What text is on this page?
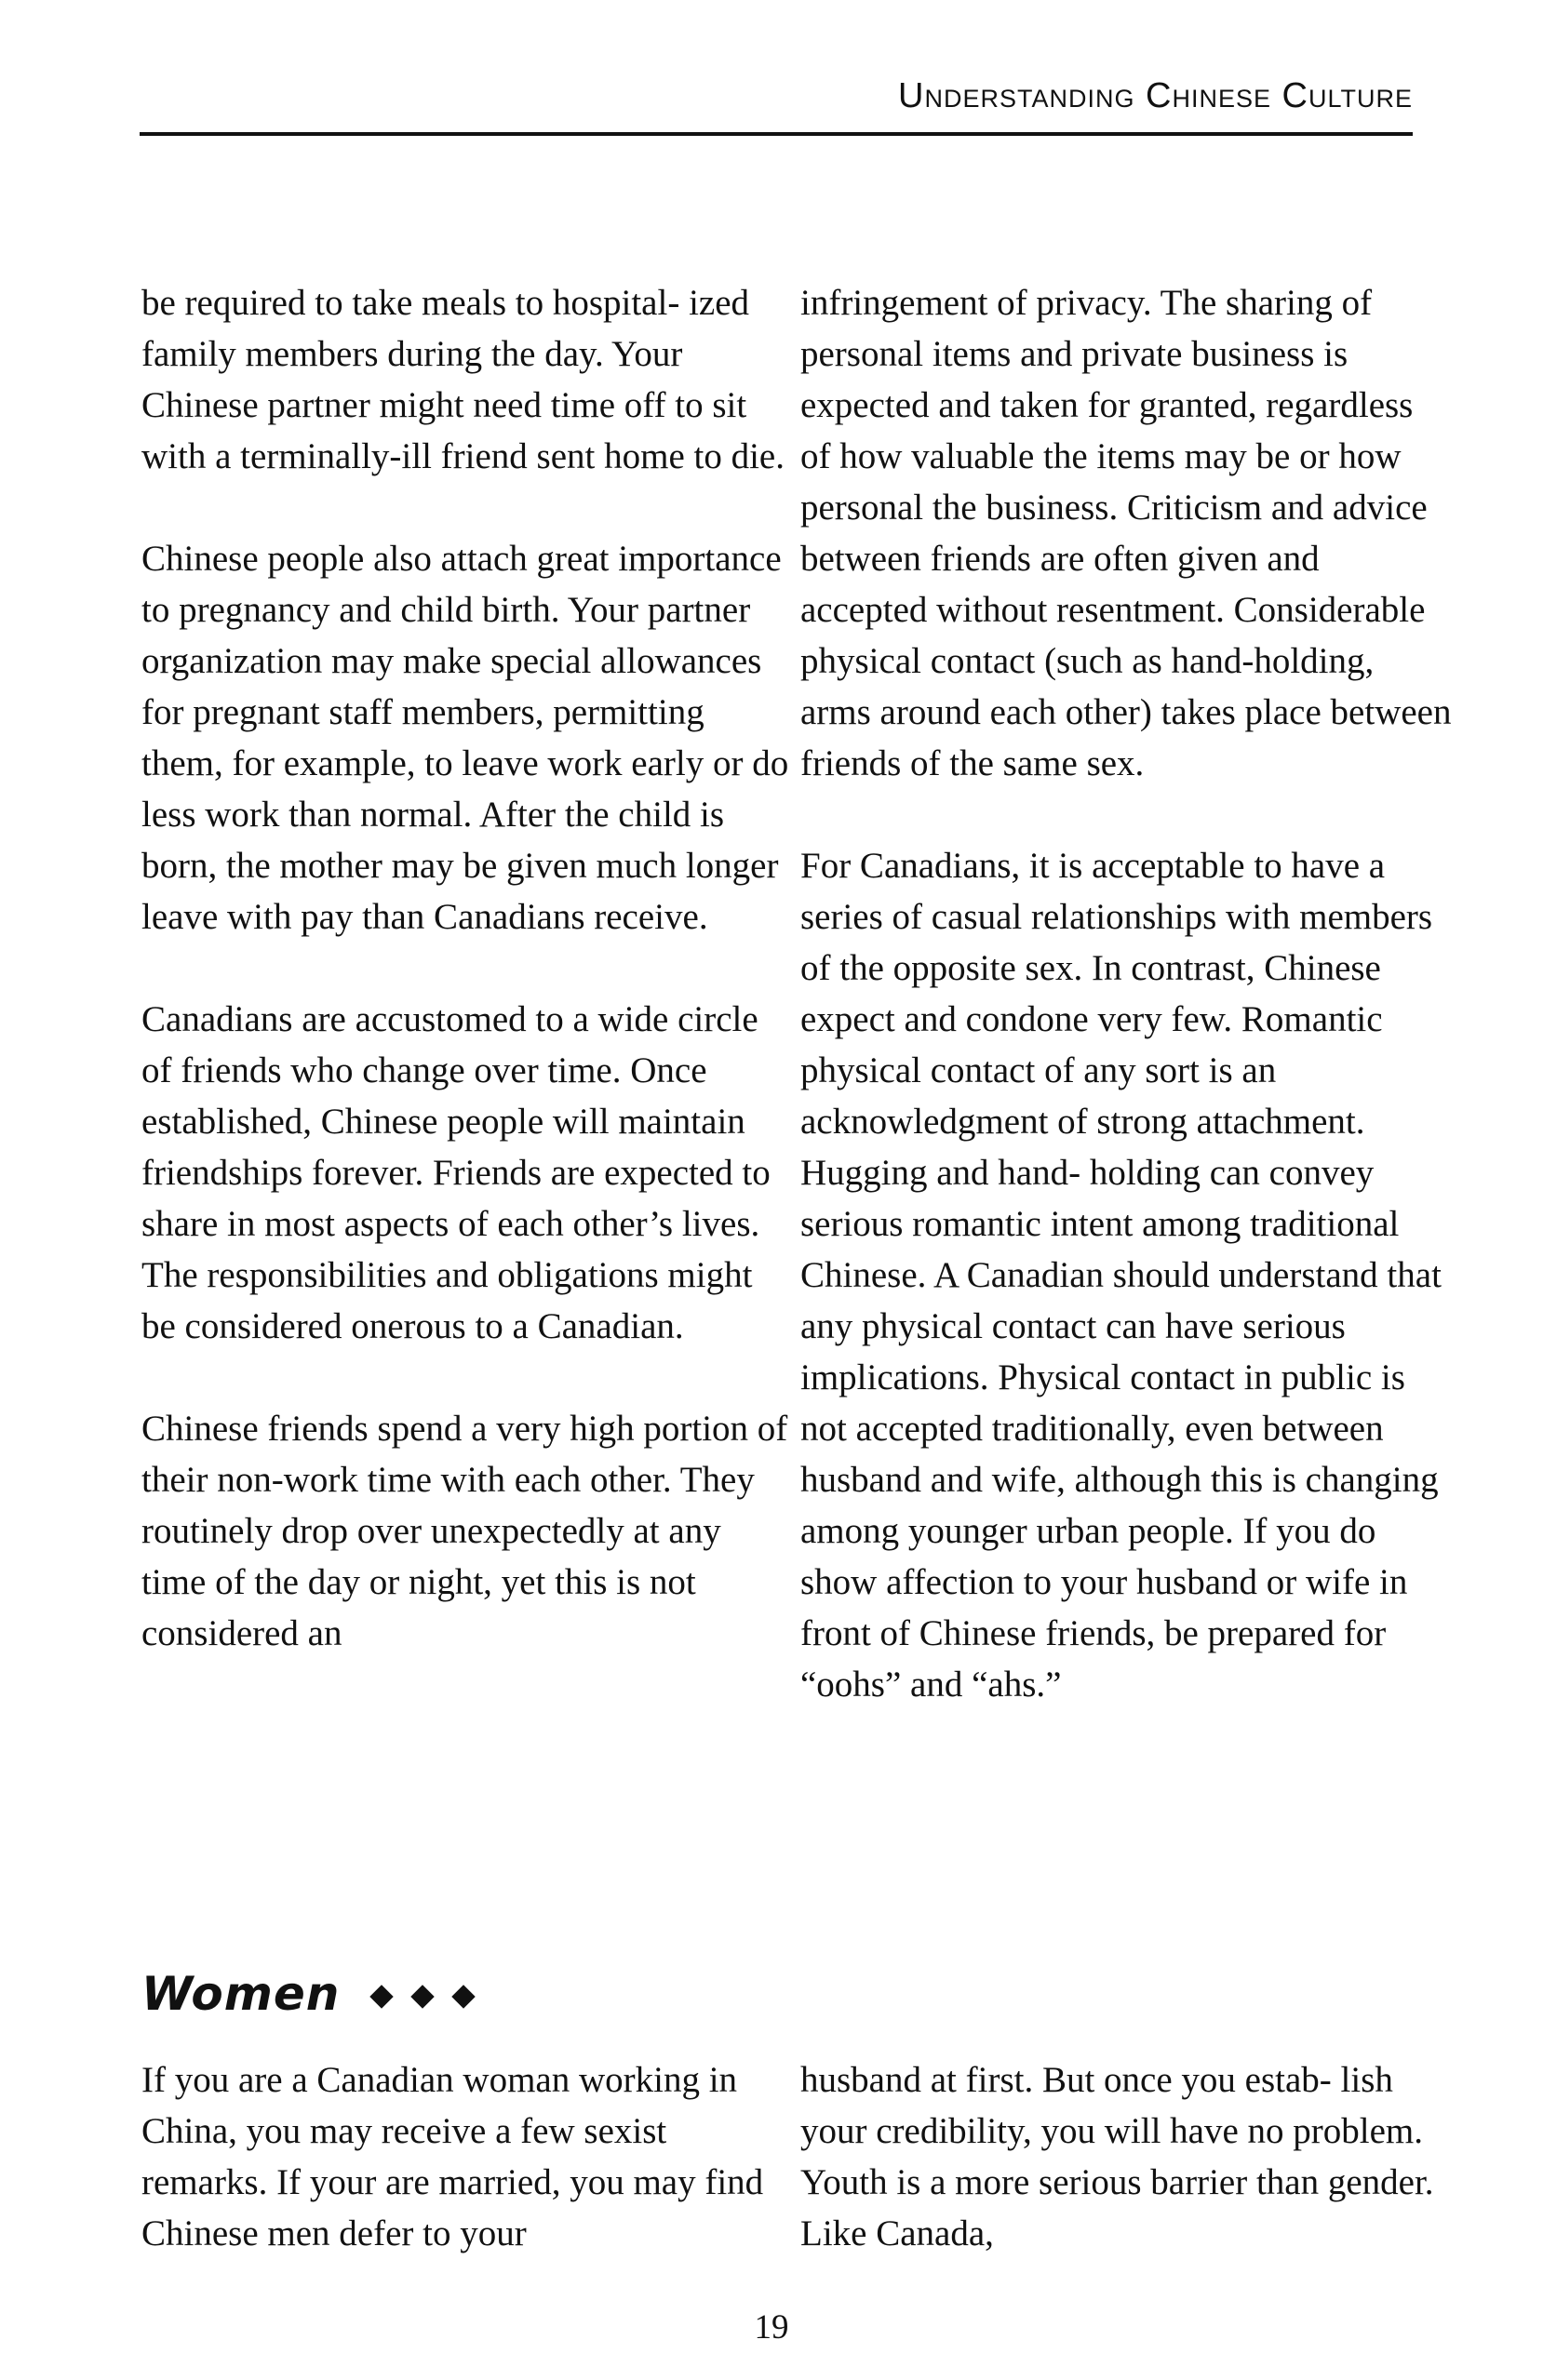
Understanding Chinese Culture

be required to take meals to hospital- ized family members during the day. Your Chinese partner might need time off to sit with a terminally-ill friend sent home to die.

Chinese people also attach great importance to pregnancy and child birth. Your partner organization may make special allowances for pregnant staff members, permitting them, for example, to leave work early or do less work than normal. After the child is born, the mother may be given much longer leave with pay than Canadians receive.

Canadians are accustomed to a wide circle of friends who change over time. Once established, Chinese people will maintain friendships forever. Friends are expected to share in most aspects of each other’s lives. The responsibilities and obligations might be considered onerous to a Canadian.

Chinese friends spend a very high portion of their non-work time with each other. They routinely drop over unexpectedly at any time of the day or night, yet this is not considered an

infringement of privacy. The sharing of personal items and private business is expected and taken for granted, regardless of how valuable the items may be or how personal the business. Criticism and advice between friends are often given and accepted without resentment. Considerable physical contact (such as hand-holding, arms around each other) takes place between friends of the same sex.

For Canadians, it is acceptable to have a series of casual relationships with members of the opposite sex. In contrast, Chinese expect and condone very few. Romantic physical contact of any sort is an acknowledgment of strong attachment. Hugging and hand- holding can convey serious romantic intent among traditional Chinese. A Canadian should understand that any physical contact can have serious implications. Physical contact in public is not accepted traditionally, even between husband and wife, although this is changing among younger urban people. If you do show affection to your husband or wife in front of Chinese friends, be prepared for “oohs” and “ahs.”

Women

If you are a Canadian woman working in China, you may receive a few sexist remarks. If your are married, you may find Chinese men defer to your

husband at first. But once you estab- lish your credibility, you will have no problem. Youth is a more serious barrier than gender. Like Canada,

19
